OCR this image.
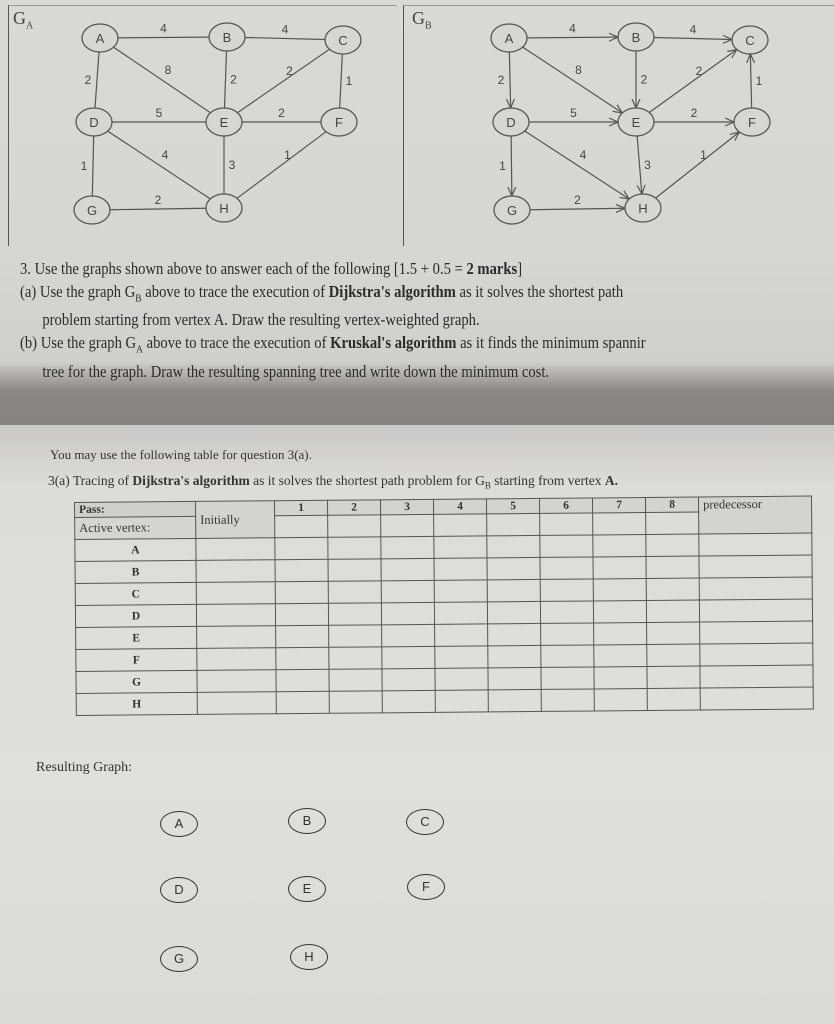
$G_A$	$G_B$
4	4
2
8
2
2
1
5	2
1
4
3
1
2
A	B	C
D	E	F
G	H
4	4
2
8
2
2
1
5	2
1
4
3
1
2
A	B	C
D	E	F
G	H
3. Use the graphs shown above to answer each of the following [1.5 + 0.5 = 2 marks]
(a) Use the graph $G_B$ above to trace the execution of Dijkstra's algorithm as it solves the shortest path
problem starting from vertex A. Draw the resulting vertex-weighted graph.
(b) Use the graph $G_A$ above to trace the execution of Kruskal's algorithm as it finds the minimum spannir
tree for the graph. Draw the resulting spanning tree and write down the minimum cost.
You may use the following table for question 3(a).
3(a) Tracing of Dijkstra's algorithm as it solves the shortest path problem for $G_B$ starting from vertex A.
Pass:	Initially	1	2	3	4	5	6	7	8	predecessor
Active vertex:										
A										
B										
C										
D										
E										
F										
G										
H										
Resulting Graph:
A	B	C
D	E	F
G	H
